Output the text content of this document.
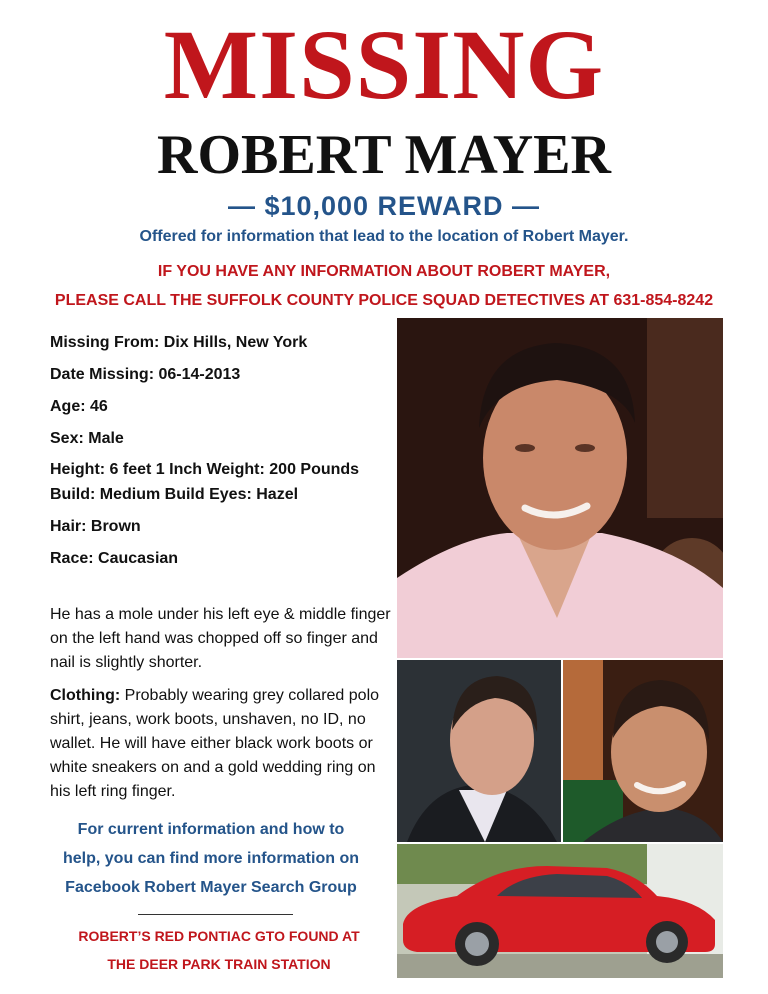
MISSING
ROBERT MAYER
— $10,000 REWARD —
Offered for information that lead to the location of Robert Mayer.
IF YOU HAVE ANY INFORMATION ABOUT ROBERT MAYER,
PLEASE CALL THE SUFFOLK COUNTY POLICE SQUAD DETECTIVES AT 631-854-8242
Missing From: Dix Hills, New York
Date Missing: 06-14-2013
Age: 46
Sex: Male
Height: 6 feet 1 Inch Weight: 200 Pounds
Build: Medium Build Eyes: Hazel
Hair: Brown
Race: Caucasian
He has a mole under his left eye & middle finger on the left hand was chopped off so finger and nail is slightly shorter.
Clothing: Probably wearing grey collared polo shirt, jeans, work boots, unshaven, no ID, no wallet. He will have either black work boots or white sneakers on and a gold wedding ring on his left ring finger.
For current information and how to
help, you can find more information on
Facebook Robert Mayer Search Group
ROBERT’S RED PONTIAC GTO FOUND AT
THE DEER PARK TRAIN STATION
